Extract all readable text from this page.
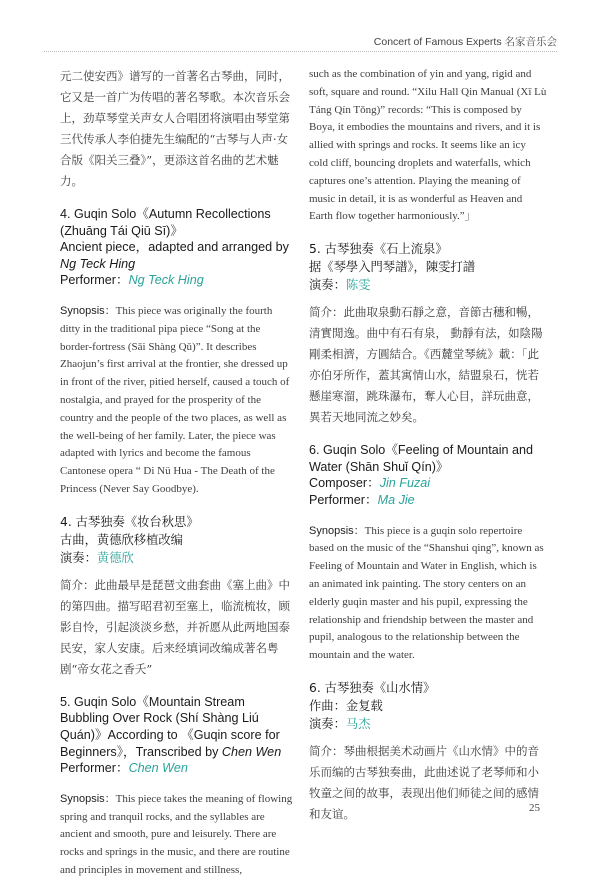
Concert of Famous Experts 名家音乐会

元二使安西》谱写的一首著名古琴曲，同时，它又是一首广为传唱的著名琴歌。本次音乐会上，劲草琴堂关声女人合唱团将演唱由琴堂第三代传承人李伯捷先生编配的“古琴与人声·女合版《阳关三叠》”，更添这首名曲的艺术魅力。

4. Guqin Solo《Autumn Recollections
(Zhuāng Tái Qiū Sī)》
Ancient piece，adapted and arranged by
Ng Teck Hing
Performer：Ng Teck Hing

Synopsis：This piece was originally the fourth ditty in the traditional pipa piece “Song at the border-fortress (Sāi Shàng Qǔ)”. It describes Zhaojun’s first arrival at the frontier, she dressed up in front of the river, pitied herself, caused a touch of nostalgia, and prayed for the prosperity of the country and the people of the two places, as well as the well-being of her family. Later, the piece was adapted with lyrics and become the famous Cantonese opera “ Di Nü Hua - The Death of the Princess (Never Say Goodbye).

4. 古琴独奏《妆台秋思》
古曲，黄德欣移植改编
演奏：黄德欣

简介：此曲最早是琵琶文曲套曲《塞上曲》中的第四曲。描写昭君初至塞上，临流梳妆，顾影自怜，引起淡淡乡愁，并祈愿从此两地国泰民安，家人安康。后来经填词改编成著名粤剧“帝女花之香夭”

5. Guqin Solo《Mountain Stream
Bubbling Over Rock (Shí Shàng Liú
Quán)》According to 《Guqin score for
Beginners》，Transcribed by Chen Wen
Performer：Chen Wen

Synopsis：This piece takes the meaning of flowing spring and tranquil rocks, and the syllables are ancient and smooth, pure and leisurely. There are rocks and springs in the music, and there are routine and principles in movement and stillness,

such as the combination of yin and yang, rigid and soft, square and round. “Xilu Hall Qin Manual (Xī Lù Táng Qín Tǒng)” records: “This is composed by Boya, it embodies the mountains and rivers, and it is allied with springs and rocks. It seems like an icy cold cliff, bouncing droplets and waterfalls, which captures one’s attention. Playing the meaning of music in detail, it is as wonderful as Heaven and Earth flow together harmoniously.”」

5. 古琴独奏《石上流泉》
据《琴學入門琴譜》，陳雯打譜
演奏：陈雯

简介：此曲取泉動石靜之意，音節古穗和暢，清實閒逸。曲中有石有泉， 動靜有法，如陰陽剛柔相濟，方圓結合。《西麓堂琴統》載：「此亦伯牙所作，蓋其寓情山水，結盟泉石，恍若懸崖寒溜，跳珠瀑布，奪人心目，詳玩曲意，異若天地同流之妙矣。

6. Guqin Solo《Feeling of Mountain and
Water (Shān Shuǐ Qín)》
Composer：Jin Fuzai
Performer：Ma Jie

Synopsis：This piece is a guqin solo repertoire based on the music of the “Shanshui qing”, known as Feeling of Mountain and Water in English, which is an animated ink painting. The story centers on an elderly guqin master and his pupil, expressing the relationship and friendship between the master and pupil, analogous to the relationship between the mountain and the water.

6. 古琴独奏《山水情》
作曲：金复载
演奏：马杰

简介：琴曲根据美术动画片《山水情》中的音乐而编的古琴独奏曲，此曲述说了老琴师和小牧童之间的故事，表现出他们师徒之间的感情和友谊。	25
